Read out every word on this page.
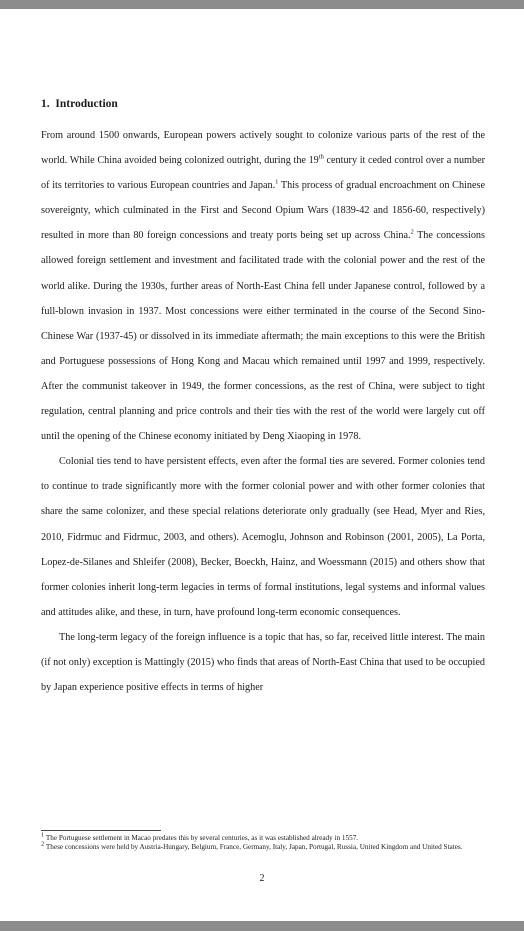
1. Introduction

From around 1500 onwards, European powers actively sought to colonize various parts of the rest of the world. While China avoided being colonized outright, during the 19th century it ceded control over a number of its territories to various European countries and Japan.$^1$ This process of gradual encroachment on Chinese sovereignty, which culminated in the First and Second Opium Wars (1839-42 and 1856-60, respectively) resulted in more than 80 foreign concessions and treaty ports being set up across China.$^2$ The concessions allowed foreign settlement and investment and facilitated trade with the colonial power and the rest of the world alike. During the 1930s, further areas of North-East China fell under Japanese control, followed by a full-blown invasion in 1937. Most concessions were either terminated in the course of the Second Sino-Chinese War (1937-45) or dissolved in its immediate aftermath; the main exceptions to this were the British and Portuguese possessions of Hong Kong and Macau which remained until 1997 and 1999, respectively. After the communist takeover in 1949, the former concessions, as the rest of China, were subject to tight regulation, central planning and price controls and their ties with the rest of the world were largely cut off until the opening of the Chinese economy initiated by Deng Xiaoping in 1978.

Colonial ties tend to have persistent effects, even after the formal ties are severed. Former colonies tend to continue to trade significantly more with the former colonial power and with other former colonies that share the same colonizer, and these special relations deteriorate only gradually (see Head, Myer and Ries, 2010, Fidrmuc and Fidrmuc, 2003, and others). Acemoglu, Johnson and Robinson (2001, 2005), La Porta, Lopez-de-Silanes and Shleifer (2008), Becker, Boeckh, Hainz, and Woessmann (2015) and others show that former colonies inherit long-term legacies in terms of formal institutions, legal systems and informal values and attitudes alike, and these, in turn, have profound long-term economic consequences.

The long-term legacy of the foreign influence is a topic that has, so far, received little interest. The main (if not only) exception is Mattingly (2015) who finds that areas of North-East China that used to be occupied by Japan experience positive effects in terms of higher

$^1$ The Portuguese settlement in Macao predates this by several centuries, as it was established already in 1557.
$^2$ These concessions were held by Austria-Hungary, Belgium, France, Germany, Italy, Japan, Portugal, Russia, United Kingdom and United States.
2
